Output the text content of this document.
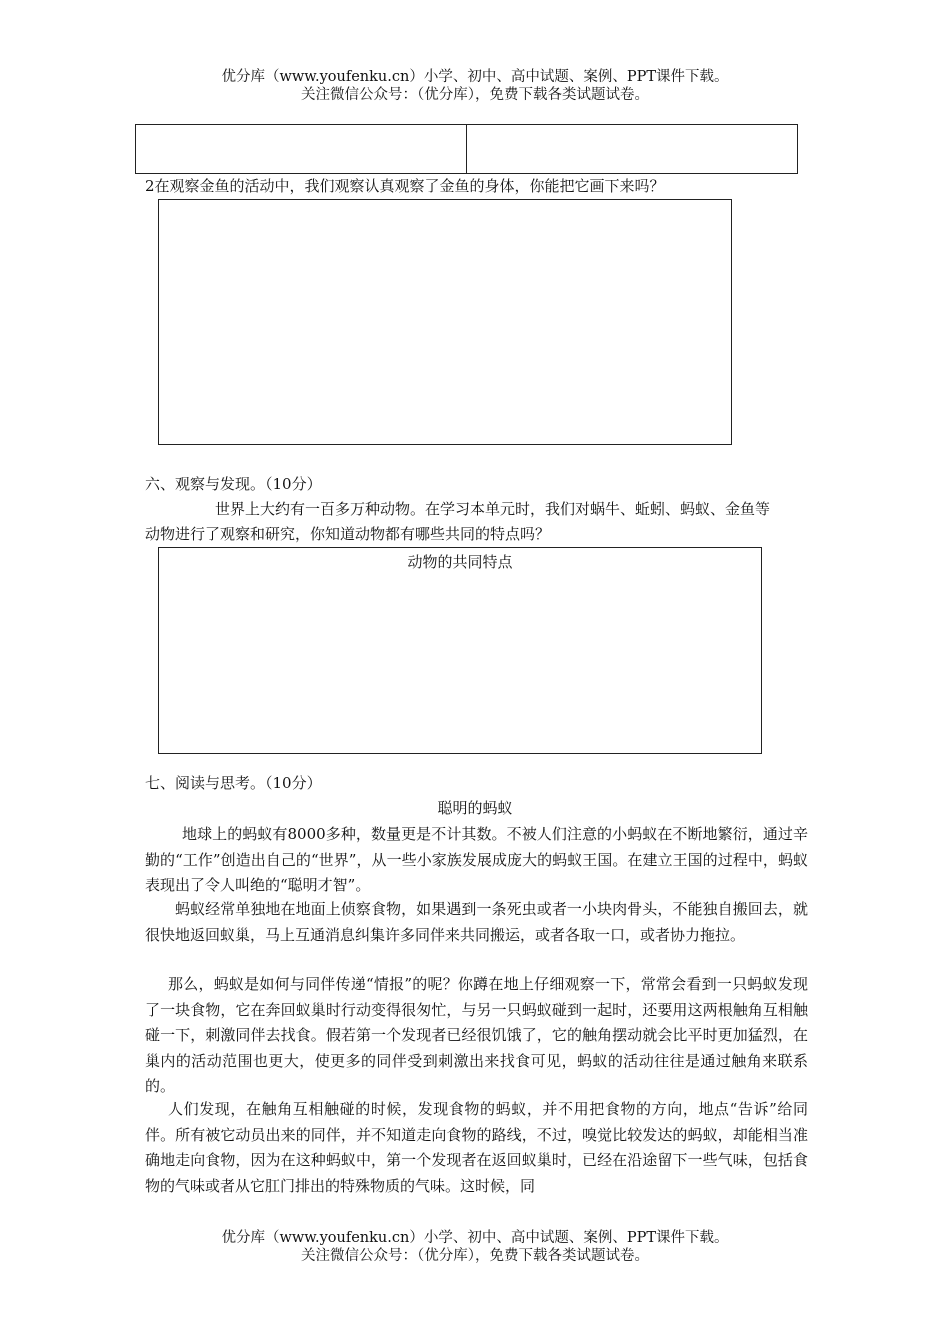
优分库（www.youfenku.cn）小学、初中、高中试题、案例、PPT课件下载。
关注微信公众号：（优分库），免费下载各类试题试卷。
2在观察金鱼的活动中，我们观察认真观察了金鱼的身体，你能把它画下来吗？
六、观察与发现。（10分）
世界上大约有一百多万种动物。在学习本单元时，我们对蜗牛、蚯蚓、蚂蚁、金鱼等
动物进行了观察和研究，你知道动物都有哪些共同的特点吗？
动物的共同特点
七、阅读与思考。（10分）
聪明的蚂蚁
地球上的蚂蚁有8000多种，数量更是不计其数。不被人们注意的小蚂蚁在不断地繁衍，通过辛勤的“工作”创造出自己的“世界”，从一些小家族发展成庞大的蚂蚁王国。在建立王国的过程中，蚂蚁表现出了令人叫绝的“聪明才智”。
蚂蚁经常单独地在地面上侦察食物，如果遇到一条死虫或者一小块肉骨头，不能独自搬回去，就很快地返回蚁巢，马上互通消息纠集许多同伴来共同搬运，或者各取一口，或者协力拖拉。
那么，蚂蚁是如何与同伴传递“情报”的呢？你蹲在地上仔细观察一下，常常会看到一只蚂蚁发现了一块食物，它在奔回蚁巢时行动变得很匆忙，与另一只蚂蚁碰到一起时，还要用这两根触角互相触碰一下，刺激同伴去找食。假若第一个发现者已经很饥饿了，它的触角摆动就会比平时更加猛烈，在巢内的活动范围也更大，使更多的同伴受到刺激出来找食可见，蚂蚁的活动往往是通过触角来联系的。
人们发现，在触角互相触碰的时候，发现食物的蚂蚁，并不用把食物的方向，地点“告诉”给同伴。所有被它动员出来的同伴，并不知道走向食物的路线，不过，嗅觉比较发达的蚂蚁，却能相当准确地走向食物，因为在这种蚂蚁中，第一个发现者在返回蚁巢时，已经在沿途留下一些气味，包括食物的气味或者从它肛门排出的特殊物质的气味。这时候，同
优分库（www.youfenku.cn）小学、初中、高中试题、案例、PPT课件下载。
关注微信公众号：（优分库），免费下载各类试题试卷。
